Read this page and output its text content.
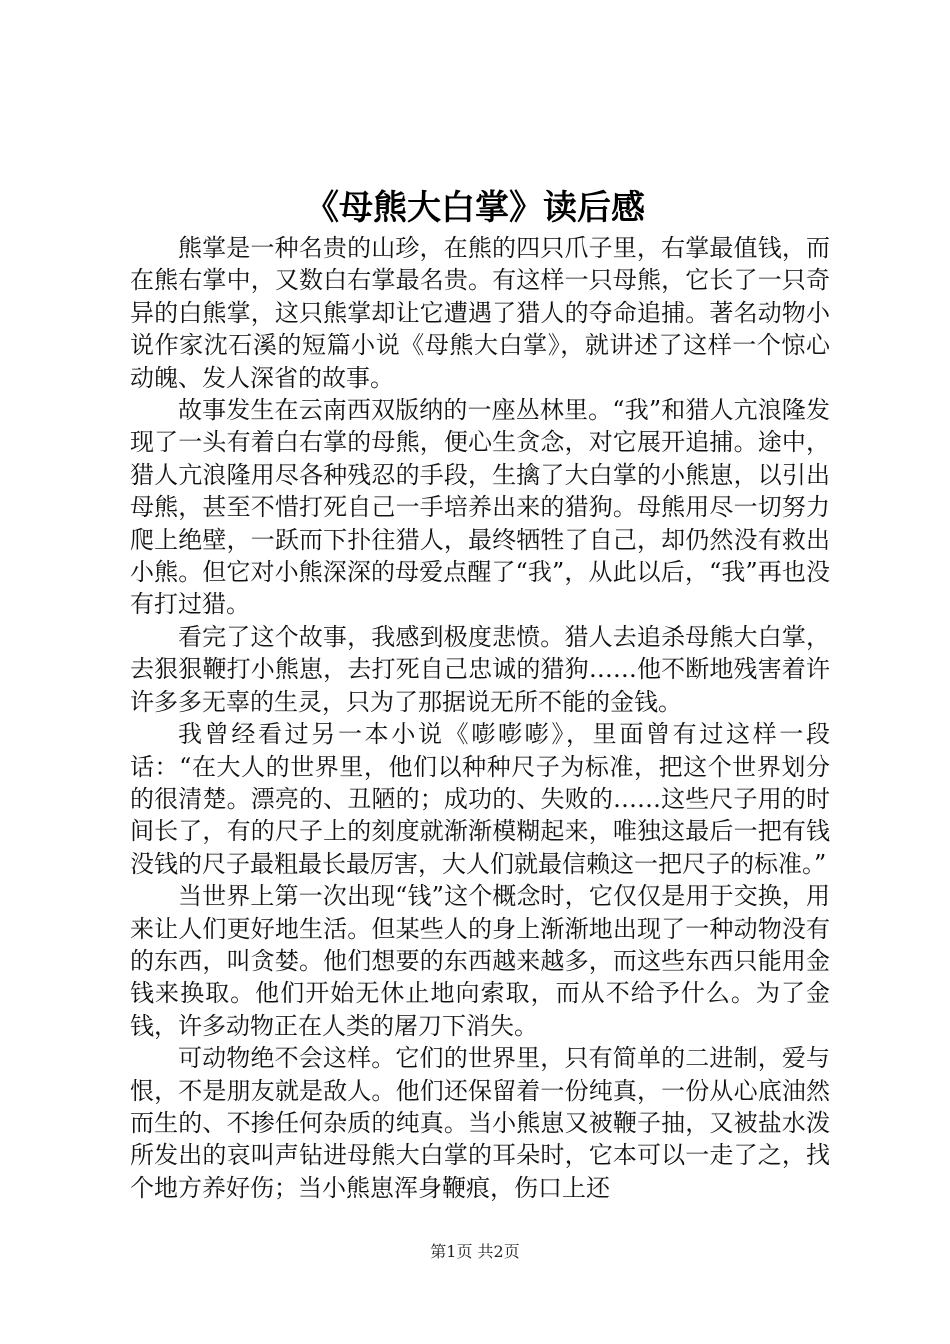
《母熊大白掌》读后感

熊掌是一种名贵的山珍，在熊的四只爪子里，右掌最值钱，而在熊右掌中，又数白右掌最名贵。有这样一只母熊，它长了一只奇异的白熊掌，这只熊掌却让它遭遇了猎人的夺命追捕。著名动物小说作家沈石溪的短篇小说《母熊大白掌》，就讲述了这样一个惊心动魄、发人深省的故事。

故事发生在云南西双版纳的一座丛林里。“我”和猎人亢浪隆发现了一头有着白右掌的母熊，便心生贪念，对它展开追捕。途中，猎人亢浪隆用尽各种残忍的手段，生擒了大白掌的小熊崽，以引出母熊，甚至不惜打死自己一手培养出来的猎狗。母熊用尽一切努力爬上绝壁，一跃而下扑往猎人，最终牺牲了自己，却仍然没有救出小熊。但它对小熊深深的母爱点醒了“我”，从此以后，“我”再也没有打过猎。

看完了这个故事，我感到极度悲愤。猎人去追杀母熊大白掌，去狠狠鞭打小熊崽，去打死自己忠诚的猎狗……他不断地残害着许许多多无辜的生灵，只为了那据说无所不能的金钱。

我曾经看过另一本小说《嘭嘭嘭》，里面曾有过这样一段话：“在大人的世界里，他们以种种尺子为标准，把这个世界划分的很清楚。漂亮的、丑陋的；成功的、失败的……这些尺子用的时间长了，有的尺子上的刻度就渐渐模糊起来，唯独这最后一把有钱没钱的尺子最粗最长最厉害，大人们就最信赖这一把尺子的标准。”

当世界上第一次出现“钱”这个概念时，它仅仅是用于交换，用来让人们更好地生活。但某些人的身上渐渐地出现了一种动物没有的东西，叫贪婪。他们想要的东西越来越多，而这些东西只能用金钱来换取。他们开始无休止地向索取，而从不给予什么。为了金钱，许多动物正在人类的屠刀下消失。

可动物绝不会这样。它们的世界里，只有简单的二进制，爱与恨，不是朋友就是敌人。他们还保留着一份纯真，一份从心底油然而生的、不掺任何杂质的纯真。当小熊崽又被鞭子抽，又被盐水泼所发出的哀叫声钻进母熊大白掌的耳朵时，它本可以一走了之，找个地方养好伤；当小熊崽浑身鞭痕，伤口上还

第1页 共2页
